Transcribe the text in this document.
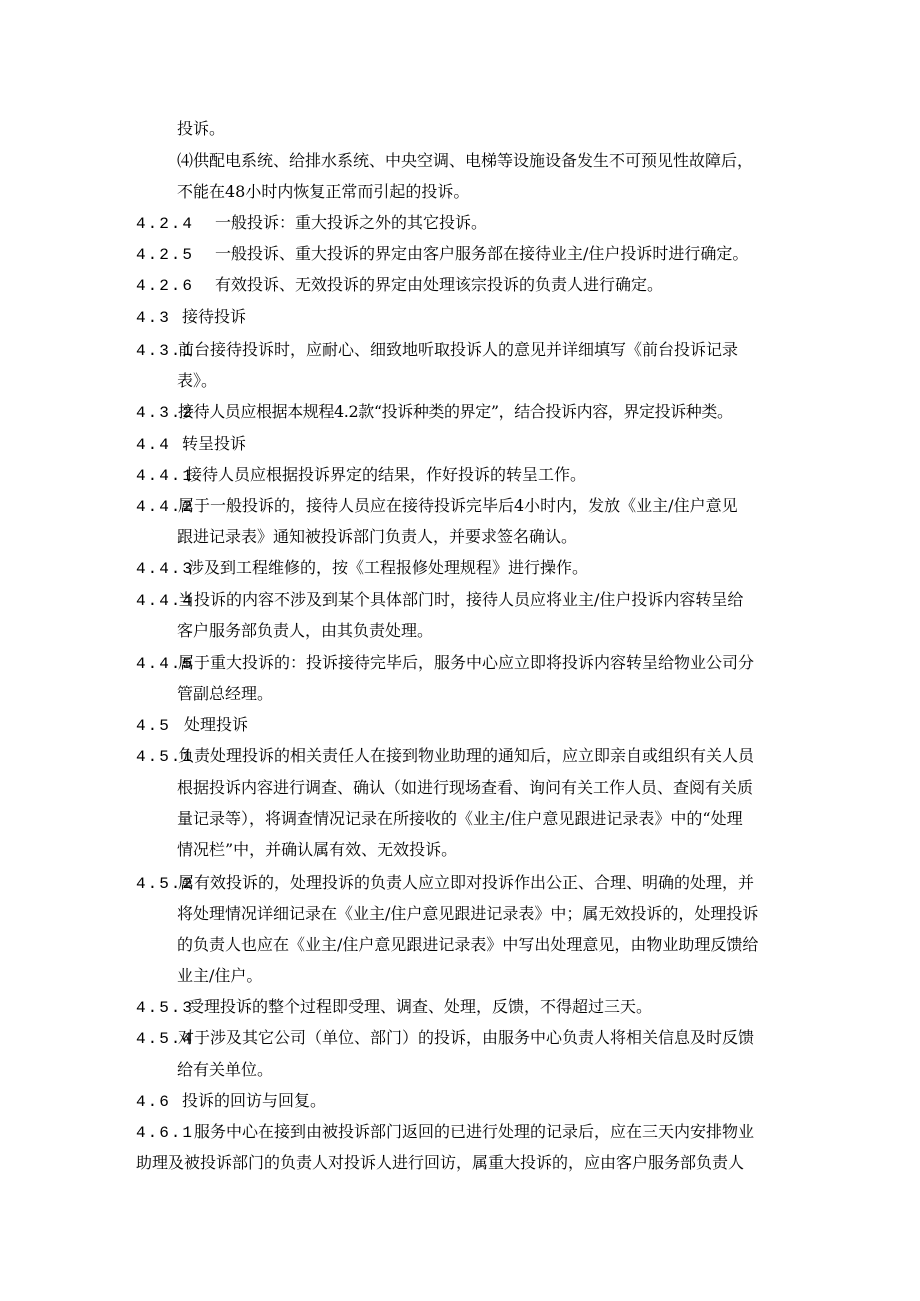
投诉。
⑷供配电系统、给排水系统、中央空调、电梯等设施设备发生不可预见性故障后，
不能在48小时内恢复正常而引起的投诉。
4.2.4 一般投诉：重大投诉之外的其它投诉。
4.2.5 一般投诉、重大投诉的界定由客户服务部在接待业主/住户投诉时进行确定。
4.2.6 有效投诉、无效投诉的界定由处理该宗投诉的负责人进行确定。
4.3 接待投诉
4.3.1前台接待投诉时，应耐心、细致地听取投诉人的意见并详细填写《前台投诉记录
表》。
4.3.2接待人员应根据本规程4.2款“投诉种类的界定”，结合投诉内容，界定投诉种类。
4.4 转呈投诉
4.4.1接待人员应根据投诉界定的结果，作好投诉的转呈工作。
4.4.2属于一般投诉的，接待人员应在接待投诉完毕后4小时内，发放《业主/住户意见
跟进记录表》通知被投诉部门负责人，并要求签名确认。
4.4.3涉及到工程维修的，按《工程报修处理规程》进行操作。
4.4.4当投诉的内容不涉及到某个具体部门时，接待人员应将业主/住户投诉内容转呈给
客户服务部负责人，由其负责处理。
4.4.5属于重大投诉的：投诉接待完毕后，服务中心应立即将投诉内容转呈给物业公司分
管副总经理。
4.5 处理投诉
4.5.1负责处理投诉的相关责任人在接到物业助理的通知后，应立即亲自或组织有关人员
根据投诉内容进行调查、确认（如进行现场查看、询问有关工作人员、查阅有关质
量记录等），将调查情况记录在所接收的《业主/住户意见跟进记录表》中的“处理
情况栏”中，并确认属有效、无效投诉。
4.5.2属有效投诉的，处理投诉的负责人应立即对投诉作出公正、合理、明确的处理，并
将处理情况详细记录在《业主/住户意见跟进记录表》中；属无效投诉的，处理投诉
的负责人也应在《业主/住户意见跟进记录表》中写出处理意见，由物业助理反馈给
业主/住户。
4.5.3受理投诉的整个过程即受理、调查、处理，反馈，不得超过三天。
4.5.4对于涉及其它公司（单位、部门）的投诉，由服务中心负责人将相关信息及时反馈
给有关单位。
4.6 投诉的回访与回复。
4.6.1服务中心在接到由被投诉部门返回的已进行处理的记录后，应在三天内安排物业
助理及被投诉部门的负责人对投诉人进行回访，属重大投诉的，应由客户服务部负责人
